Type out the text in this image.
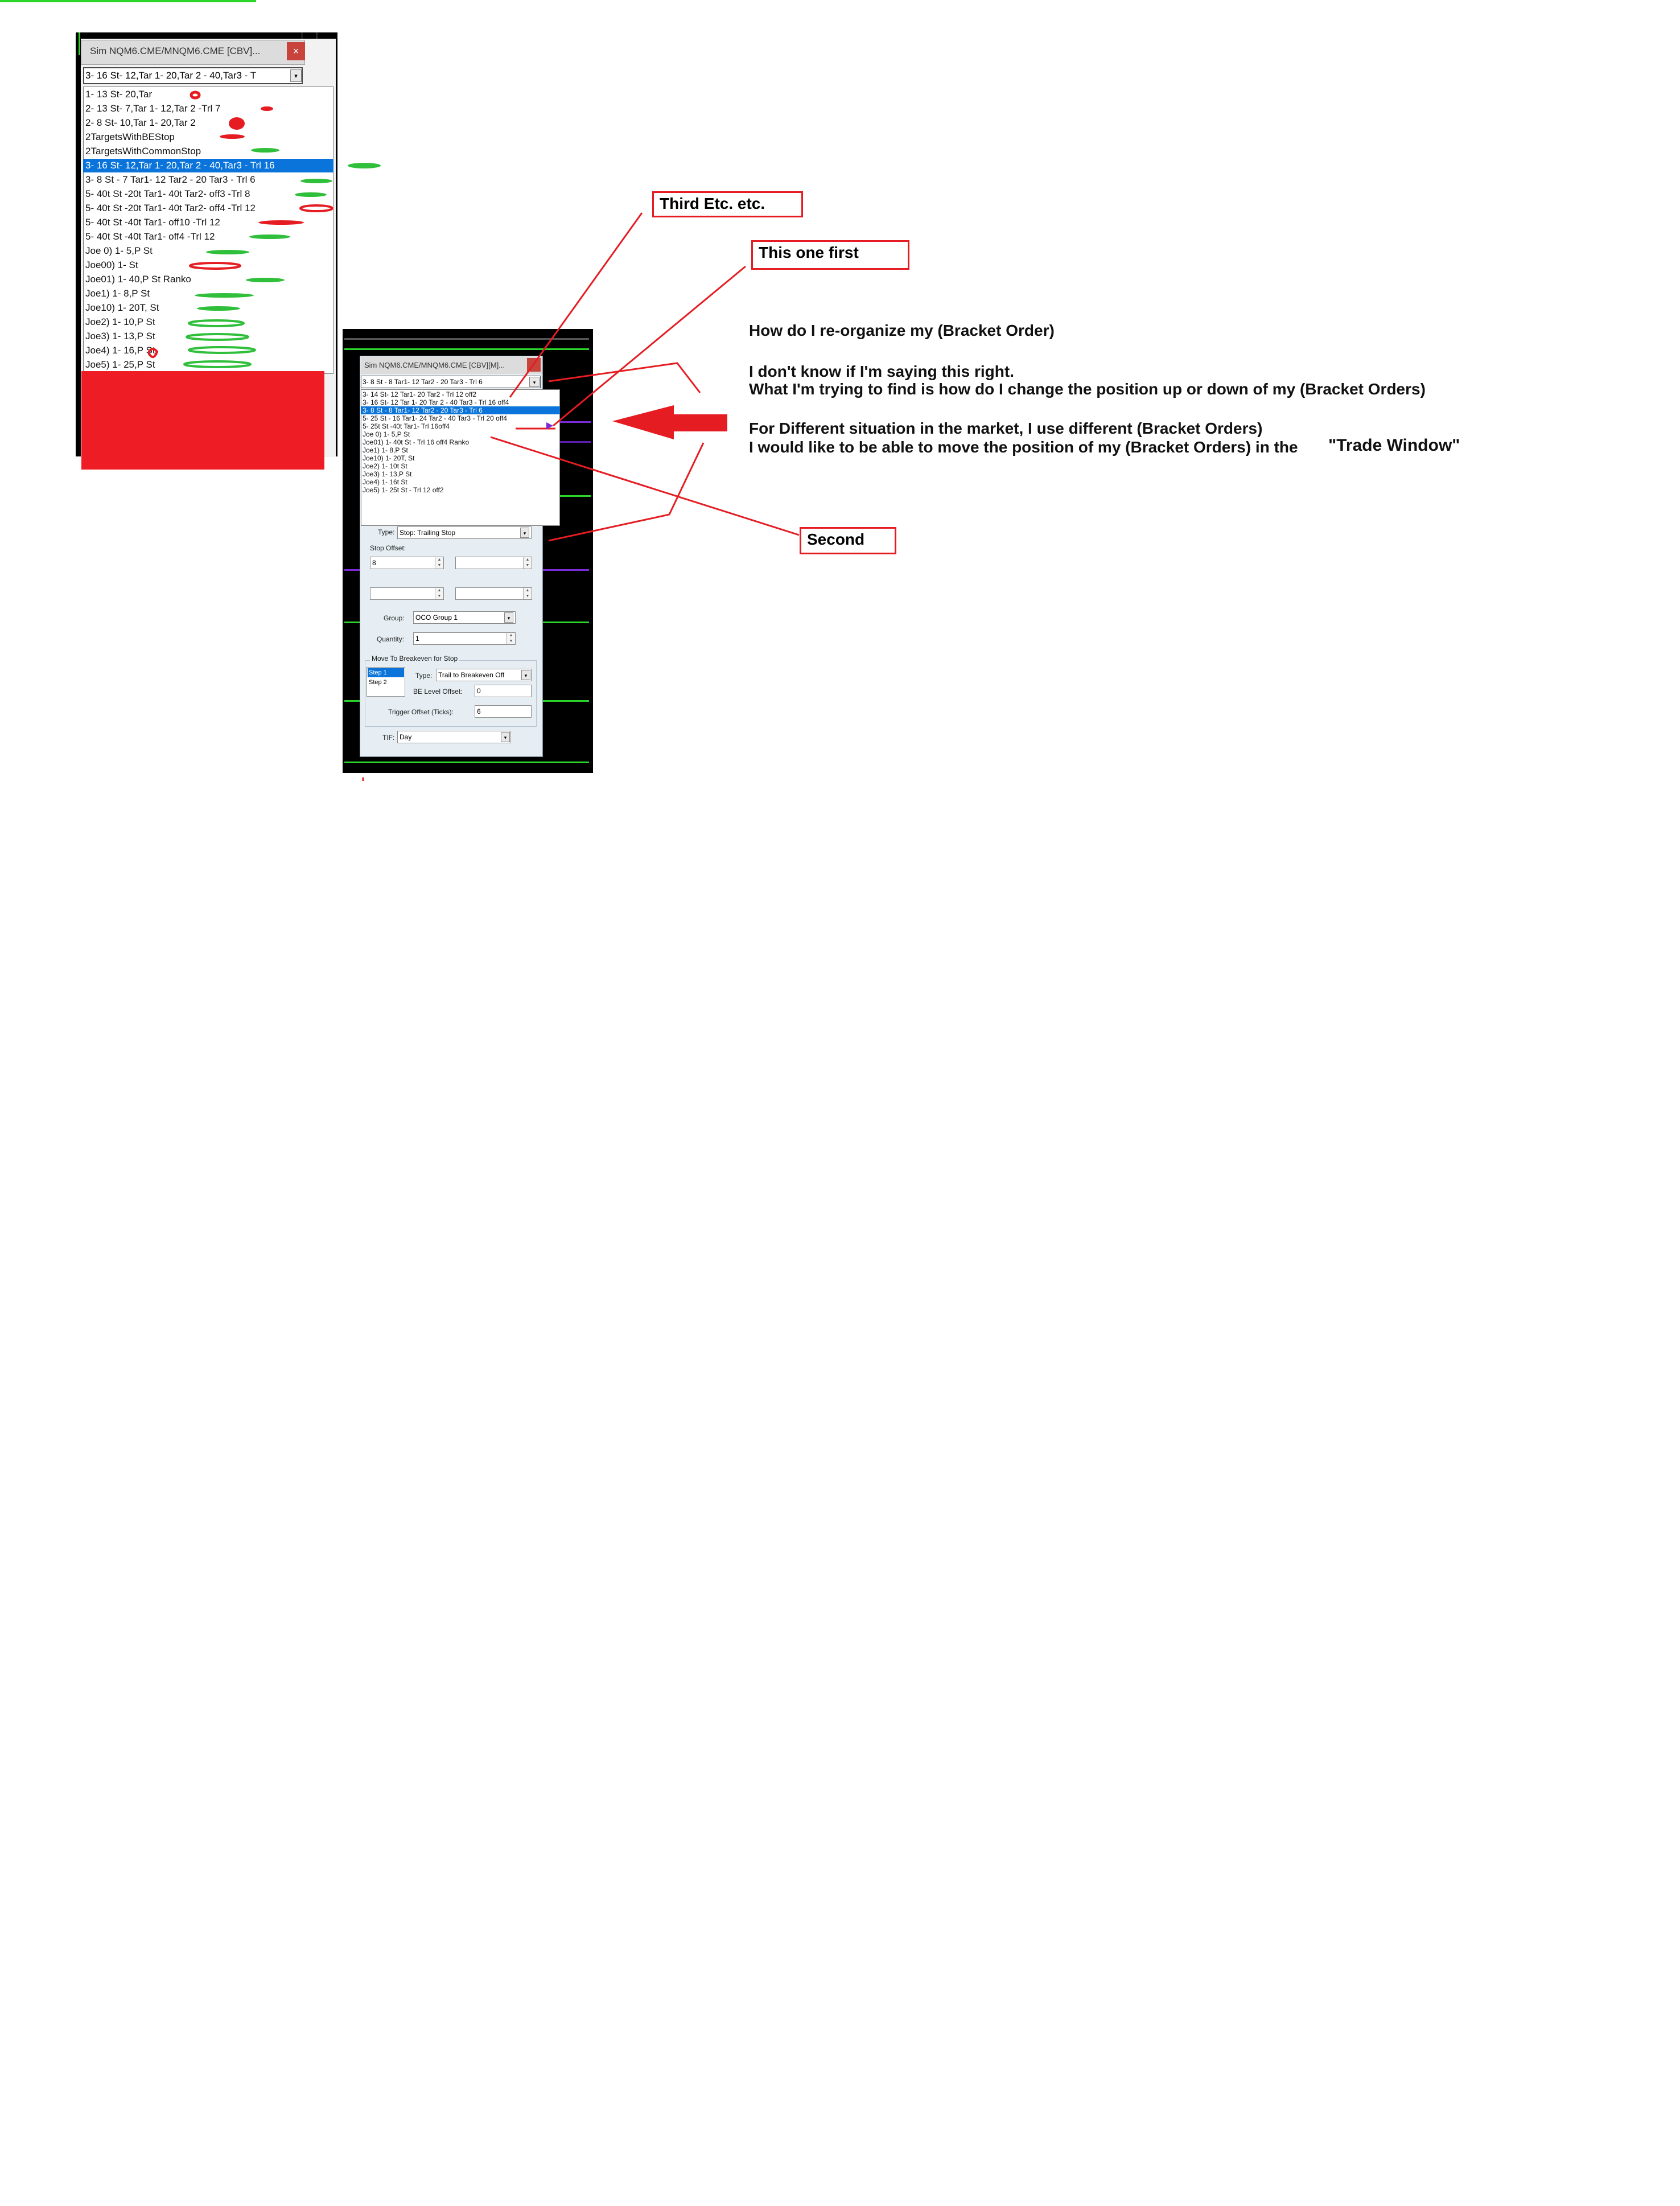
Sim NQM6.CME/MNQM6.CME [CBV]...	×
3- 16 St- 12,Tar 1- 20,Tar 2 - 40,Tar3 - T	▾
1- 13 St- 20,Tar
2- 13 St- 7,Tar 1- 12,Tar 2 -Trl 7
2- 8 St- 10,Tar 1- 20,Tar 2
2TargetsWithBEStop
2TargetsWithCommonStop
3- 16 St- 12,Tar 1- 20,Tar 2 - 40,Tar3 - Trl 16
3- 8 St - 7 Tar1- 12 Tar2 - 20 Tar3 - Trl 6
5- 40t St -20t Tar1- 40t Tar2- off3 -Trl 8
5- 40t St -20t Tar1- 40t Tar2- off4 -Trl 12
5- 40t St -40t Tar1- off10 -Trl 12
5- 40t St -40t Tar1- off4 -Trl 12
Joe 0) 1- 5,P St
Joe00) 1- St
Joe01) 1- 40,P St Ranko
Joe1) 1- 8,P St
Joe10) 1- 20T, St
Joe2) 1- 10,P St
Joe3) 1- 13,P St
Joe4) 1- 16,P St
Joe5) 1- 25,P St	Sim NQM6.CME/MNQM6.CME [CBV][M]...
3- 8 St - 8 Tar1- 12 Tar2 - 20 Tar3 - Trl 6	▾
3- 14 St- 12 Tar1- 20 Tar2 - Trl 12 off2
3- 16 St- 12 Tar 1- 20 Tar 2 - 40 Tar3 - Trl 16 off4
3- 8 St - 8 Tar1- 12 Tar2 - 20 Tar3 - Trl 6
5- 25 St - 16 Tar1- 24 Tar2 - 40 Tar3 - Trl 20 off4
5- 25t St -40t Tar1- Trl 16off4
Joe 0) 1- 5,P St
Joe01) 1- 40t St - Trl 16 off4 Ranko
Joe1) 1- 8,P St
Joe10) 1- 20T, St
Joe2) 1- 10t St
Joe3) 1- 13,P St
Joe4) 1- 16t St
Joe5) 1- 25t St - Trl 12 off2
Type: Stop: Trailing Stop	▾
Stop Offset:
8	▲
▼
▲
▼
▲
▼
▲
▼
Group:	OCO Group 1	▾
Quantity:	1	▲
▼
Move To Breakeven for Stop
Step 1
Step 2
Type: Trail to Breakeven Off	▾
BE Level Offset:	0
Trigger Offset (Ticks):	6
TIF: Day	▾
Third Etc. etc.
This one first
Second
How do I re-organize my (Bracket Order)
I don't know if I'm saying this right.
What I'm trying to find is how do I change the position up or down of my (Bracket Orders)
For Different situation in the market, I use different (Bracket Orders)
I would like to be able to move the position of my (Bracket Orders) in the "Trade Window"
